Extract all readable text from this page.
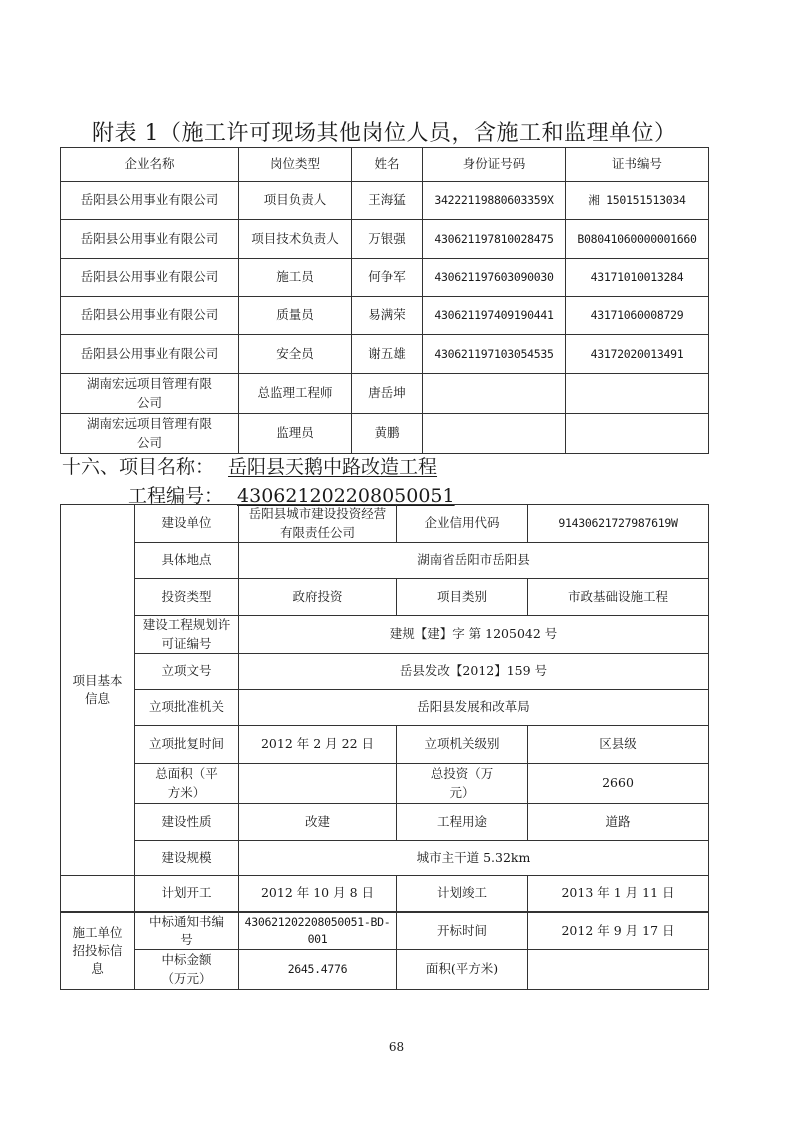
附表 1（施工许可现场其他岗位人员，含施工和监理单位）
企业名称	岗位类型	姓名	身份证号码	证书编号
岳阳县公用事业有限公司	项目负责人	王海猛	34222119880603359X	湘 150151513034
岳阳县公用事业有限公司	项目技术负责人	万银强	430621197810028475	B08041060000001660
岳阳县公用事业有限公司	施工员	何争军	430621197603090030	43171010013284
岳阳县公用事业有限公司	质量员	易满荣	430621197409190441	43171060008729
岳阳县公用事业有限公司	安全员	谢五雄	430621197103054535	43172020013491
湖南宏远项目管理有限公司	总监理工程师	唐岳坤		
湖南宏远项目管理有限公司	监理员	黄鹏		
十六、项目名称： 岳阳县天鹅中路改造工程
工程编号： 430621202208050051
项目基本信息	建设单位	岳阳县城市建设投资经营有限责任公司	企业信用代码	91430621727987619W
	具体地点	湖南省岳阳市岳阳县		
	投资类型	政府投资	项目类别	市政基础设施工程
	建设工程规划许可证编号	建规【建】字 第 1205042 号		
	立项文号	岳县发改【2012】159 号		
	立项批准机关	岳阳县发展和改革局		
	立项批复时间	2012 年 2 月 22 日	立项机关级别	区县级
	总面积（平方米）		总投资（万元）	2660
	建设性质	改建	工程用途	道路
	建设规模	城市主干道 5.32km		
	计划开工	2012 年 10 月 8 日	计划竣工	2013 年 1 月 11 日
施工单位招投标信息	中标通知书编号	430621202208050051-BD-001	开标时间	2012 年 9 月 17 日
	中标金额（万元）	2645.4776	面积(平方米)	
68
